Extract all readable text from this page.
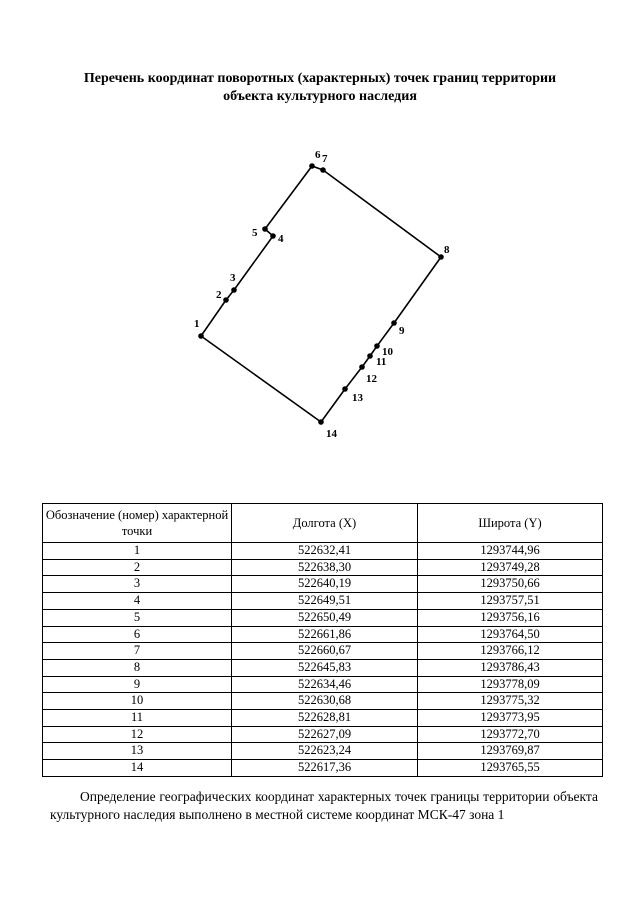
Перечень координат поворотных (характерных) точек границ территории
объекта культурного наследия
1
2
3
4
5
6 7
8
9
10
11
12
13
14
Обозначение (номер) характерной точки	Долгота (X)	Широта (Y)
1	522632,41	1293744,96
2	522638,30	1293749,28
3	522640,19	1293750,66
4	522649,51	1293757,51
5	522650,49	1293756,16
6	522661,86	1293764,50
7	522660,67	1293766,12
8	522645,83	1293786,43
9	522634,46	1293778,09
10	522630,68	1293775,32
11	522628,81	1293773,95
12	522627,09	1293772,70
13	522623,24	1293769,87
14	522617,36	1293765,55
Определение географических координат характерных точек границы территории объекта культурного наследия выполнено в местной системе координат МСК-47 зона 1
